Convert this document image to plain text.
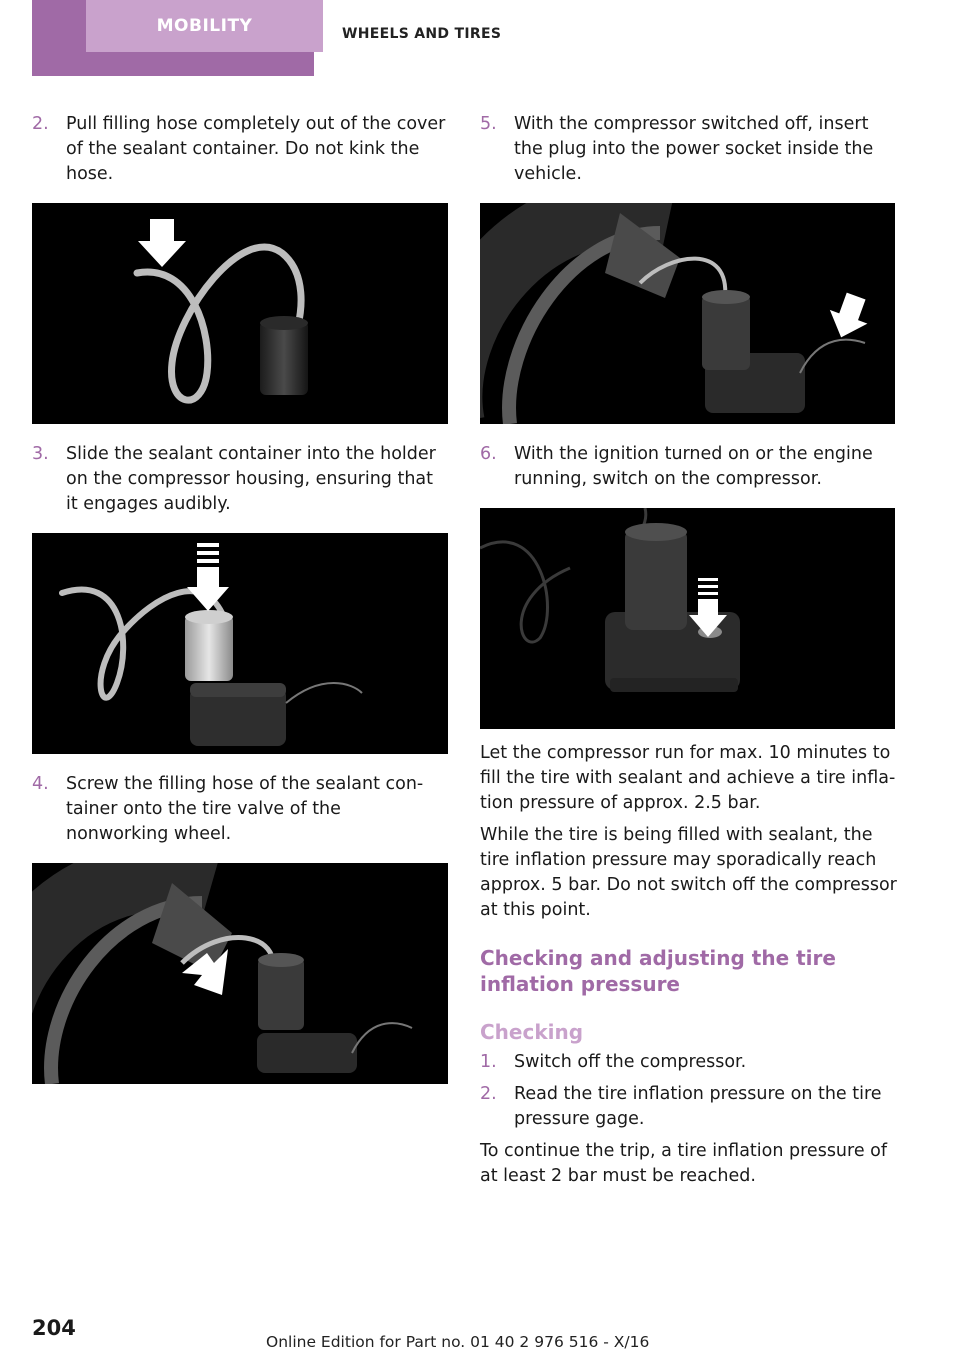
MOBILITY	WHEELS AND TIRES
2. Pull filling hose completely out of the cover of the sealant container. Do not kink the hose.
3. Slide the sealant container into the holder on the compressor housing, ensuring that it engages audibly.
4. Screw the filling hose of the sealant con‐ tainer onto the tire valve of the nonworking wheel.
5. With the compressor switched off, insert the plug into the power socket inside the vehicle.
6. With the ignition turned on or the engine running, switch on the compressor.

Let the compressor run for max. 10 minutes to fill the tire with sealant and achieve a tire infla‐ tion pressure of approx. 2.5 bar.

While the tire is being filled with sealant, the tire inflation pressure may sporadically reach approx. 5 bar. Do not switch off the compressor at this point.

Checking and adjusting the tire inflation pressure
Checking
1. Switch off the compressor.
2. Read the tire inflation pressure on the tire pressure gage.

To continue the trip, a tire inflation pressure of at least 2 bar must be reached.

204
Online Edition for Part no. 01 40 2 976 516 - X/16
